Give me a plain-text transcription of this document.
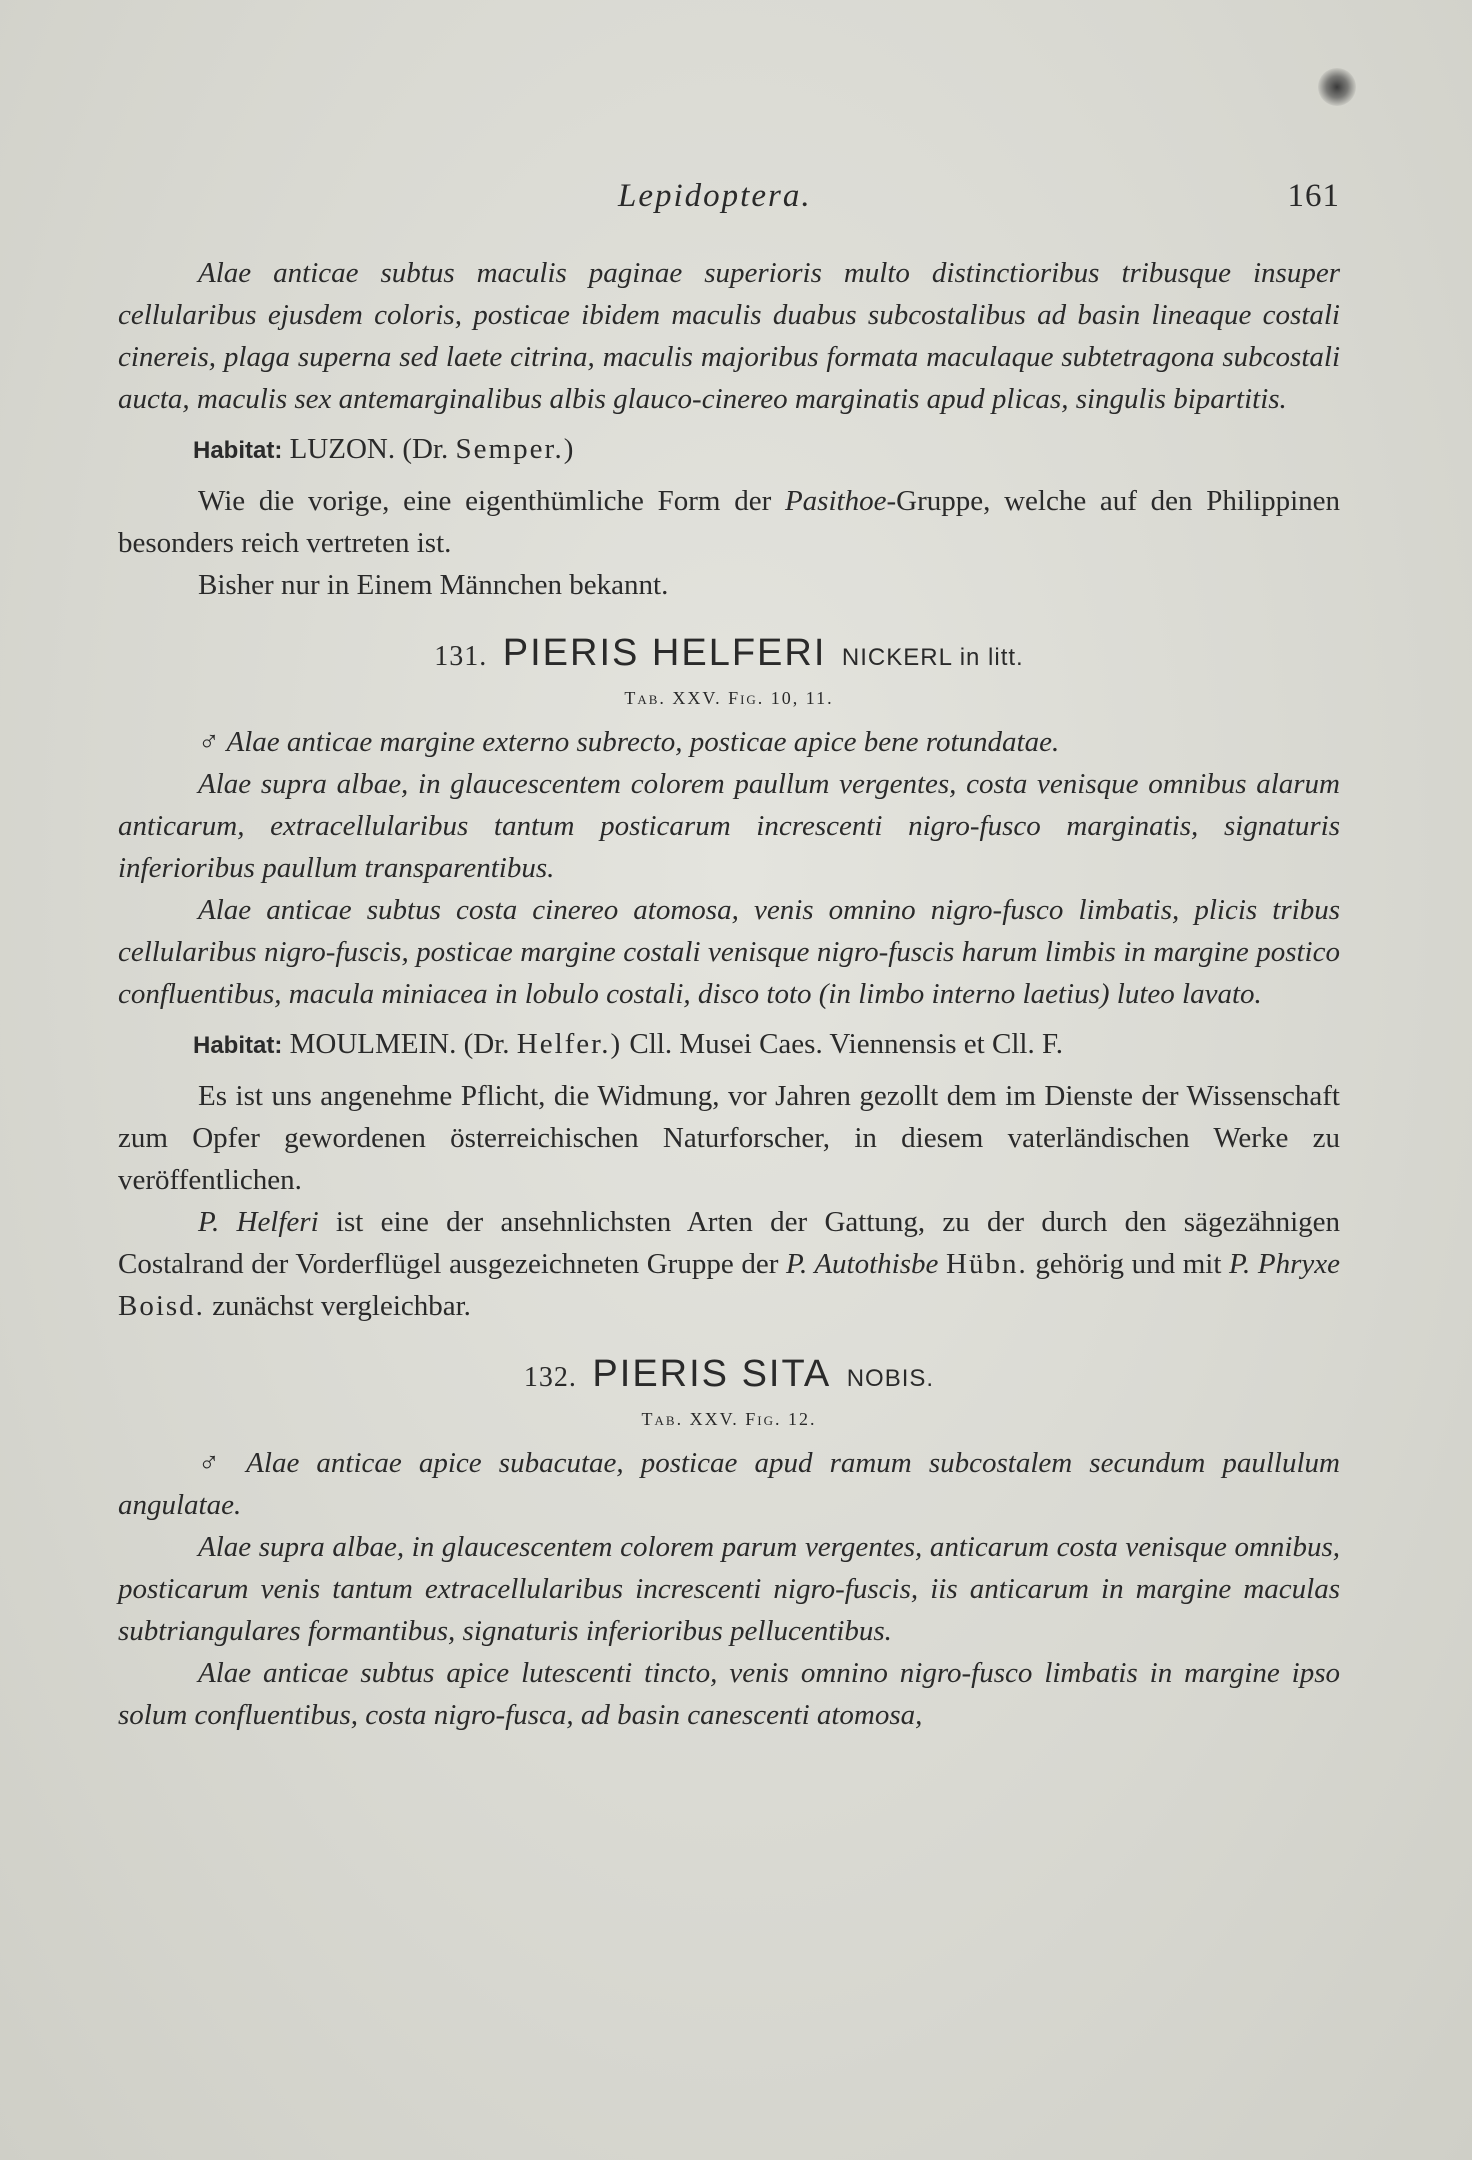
Lepidoptera.	161

Alae anticae subtus maculis paginae superioris multo distinctioribus tribusque insuper cellularibus ejusdem coloris, posticae ibidem maculis duabus subcostalibus ad basin lineaque costali cinereis, plaga superna sed laete citrina, maculis majoribus formata maculaque subtetragona subcostali aucta, maculis sex antemarginalibus albis glauco-cinereo marginatis apud plicas, singulis bipartitis.

Habitat: LUZON. (Dr. Semper.)

Wie die vorige, eine eigenthümliche Form der Pasithoe-Gruppe, welche auf den Philippinen besonders reich vertreten ist.

Bisher nur in Einem Männchen bekannt.

131. PIERIS HELFERI NICKERL in litt.

Tab. XXV. Fig. 10, 11.

♂ Alae anticae margine externo subrecto, posticae apice bene rotundatae.

Alae supra albae, in glaucescentem colorem paullum vergentes, costa venisque omnibus alarum anticarum, extracellularibus tantum posticarum increscenti nigro-fusco marginatis, signaturis inferioribus paullum transparentibus.

Alae anticae subtus costa cinereo atomosa, venis omnino nigro-fusco limbatis, plicis tribus cellularibus nigro-fuscis, posticae margine costali venisque nigro-fuscis harum limbis in margine postico confluentibus, macula miniacea in lobulo costali, disco toto (in limbo interno laetius) luteo lavato.

Habitat: MOULMEIN. (Dr. Helfer.) Cll. Musei Caes. Viennensis et Cll. F.

Es ist uns angenehme Pflicht, die Widmung, vor Jahren gezollt dem im Dienste der Wissenschaft zum Opfer gewordenen österreichischen Naturforscher, in diesem vaterländischen Werke zu veröffentlichen.

P. Helferi ist eine der ansehnlichsten Arten der Gattung, zu der durch den sägezähnigen Costalrand der Vorderflügel ausgezeichneten Gruppe der P. Autothisbe Hübn. gehörig und mit P. Phryxe Boisd. zunächst vergleichbar.

132. PIERIS SITA NOBIS.

Tab. XXV. Fig. 12.

♂ Alae anticae apice subacutae, posticae apud ramum subcostalem secundum paullulum angulatae.

Alae supra albae, in glaucescentem colorem parum vergentes, anticarum costa venisque omnibus, posticarum venis tantum extracellularibus increscenti nigro-fuscis, iis anticarum in margine maculas subtriangulares formantibus, signaturis inferioribus pellucentibus.

Alae anticae subtus apice lutescenti tincto, venis omnino nigro-fusco limbatis in margine ipso solum confluentibus, costa nigro-fusca, ad basin canescenti atomosa,
